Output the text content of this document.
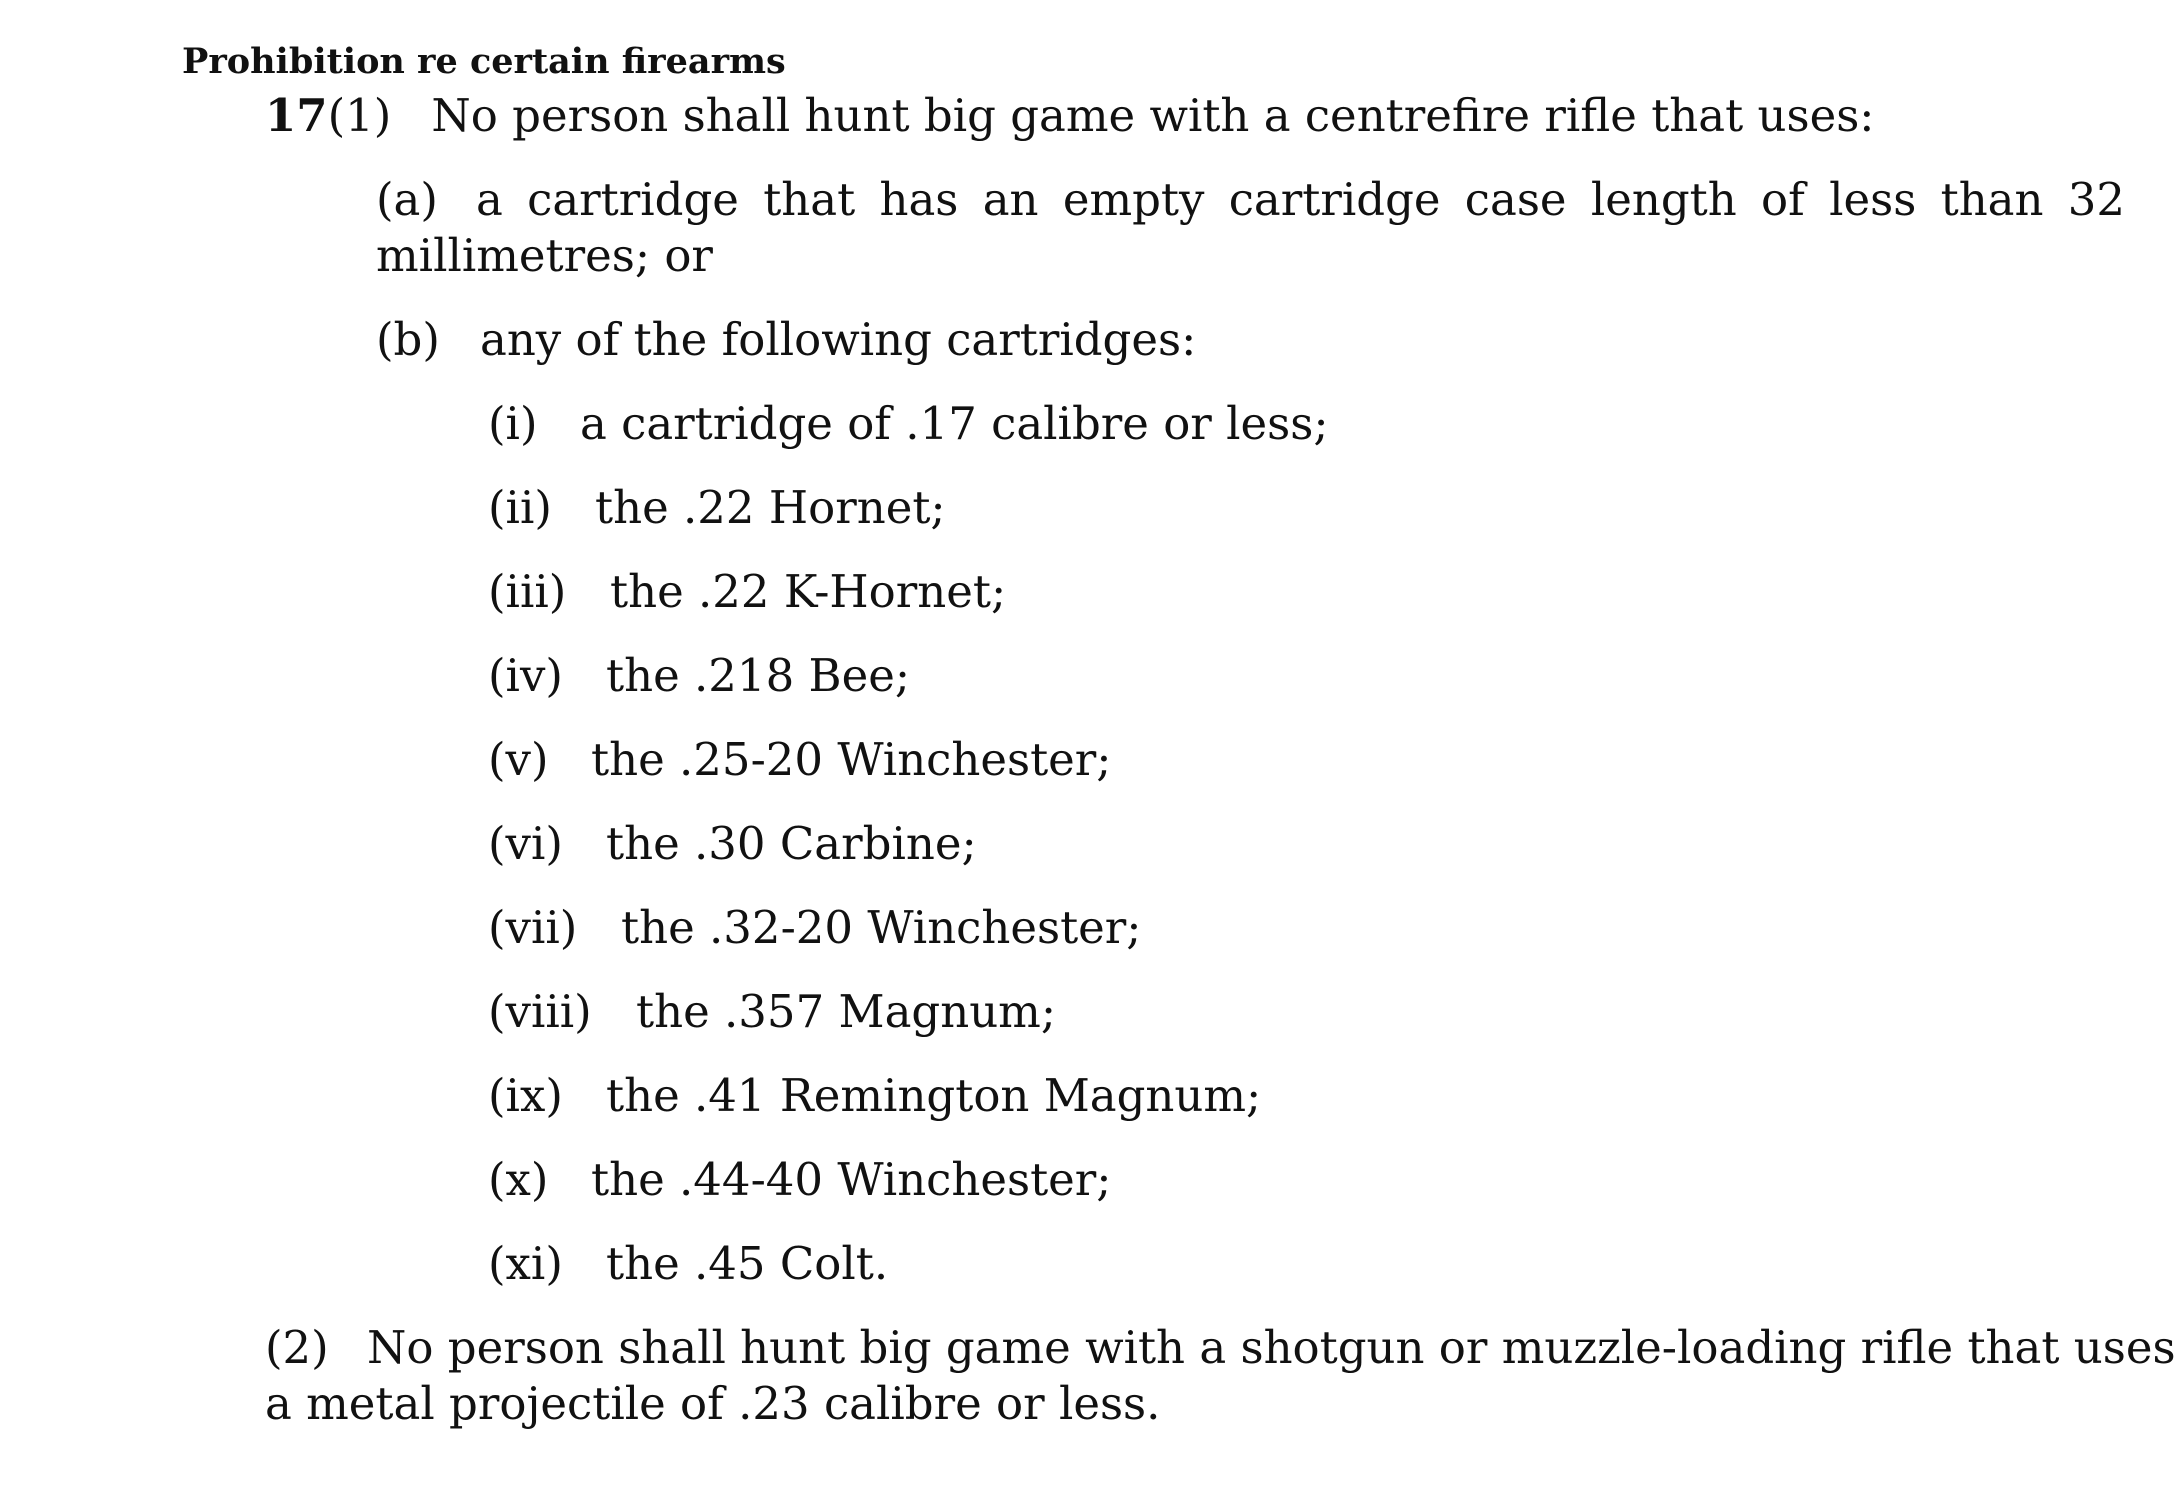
Prohibition re certain firearms
17(1) No person shall hunt big game with a centrefire rifle that uses:
(a) a cartridge that has an empty cartridge case length of less than 32
millimetres; or
(b) any of the following cartridges:
(i) a cartridge of .17 calibre or less;
(ii) the .22 Hornet;
(iii) the .22 K-Hornet;
(iv) the .218 Bee;
(v) the .25-20 Winchester;
(vi) the .30 Carbine;
(vii) the .32-20 Winchester;
(viii) the .357 Magnum;
(ix) the .41 Remington Magnum;
(x) the .44-40 Winchester;
(xi) the .45 Colt.
(2) No person shall hunt big game with a shotgun or muzzle-loading rifle that uses
a metal projectile of .23 calibre or less.
